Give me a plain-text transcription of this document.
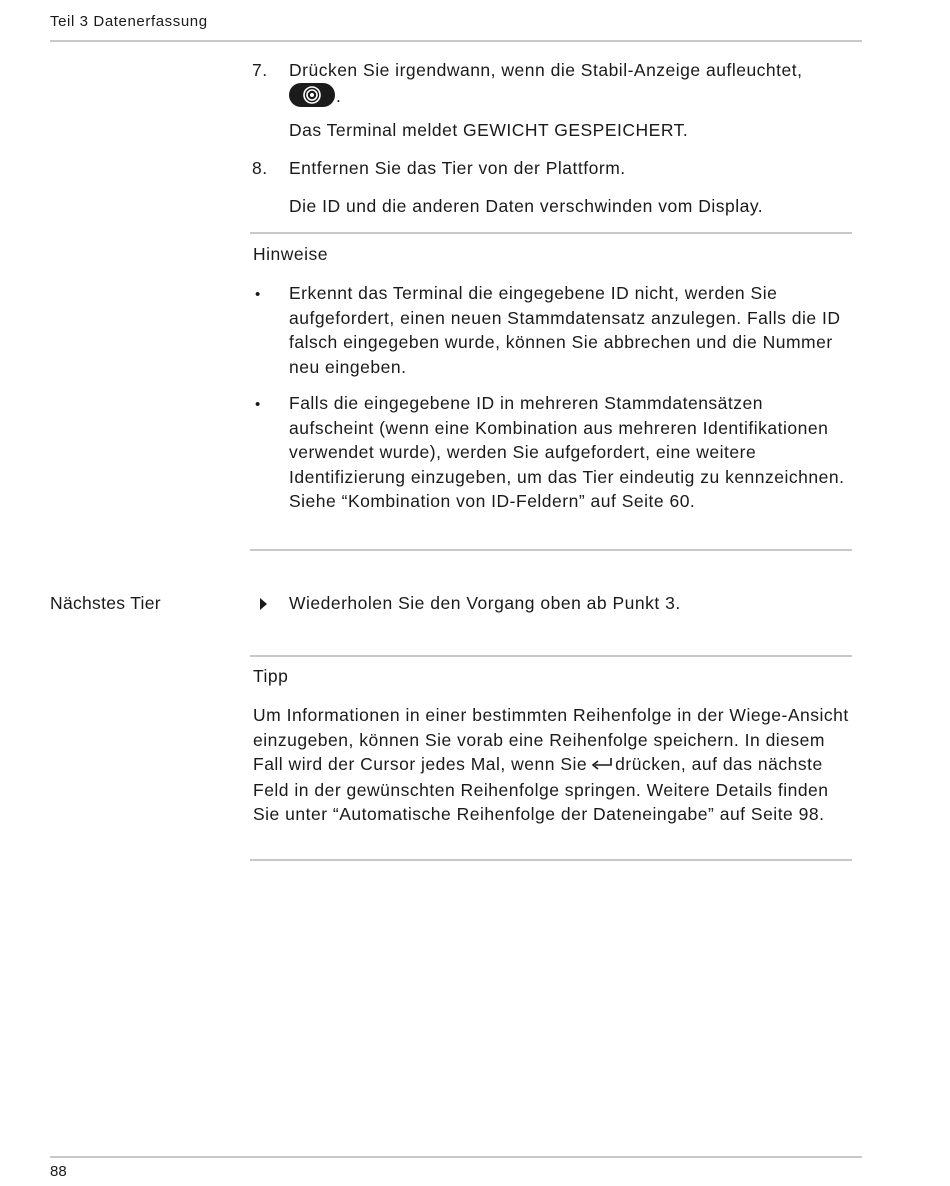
Teil 3 Datenerfassung
7. Drücken Sie irgendwann, wenn die Stabil-Anzeige aufleuchtet,
.
Das Terminal meldet GEWICHT GESPEICHERT.
8. Entfernen Sie das Tier von der Plattform.
Die ID und die anderen Daten verschwinden vom Display.
Hinweise
• Erkennt das Terminal die eingegebene ID nicht, werden Sie aufgefordert, einen neuen Stammdatensatz anzulegen. Falls die ID falsch eingegeben wurde, können Sie abbrechen und die Nummer neu eingeben.
• Falls die eingegebene ID in mehreren Stammdatensätzen aufscheint (wenn eine Kombination aus mehreren Identifikationen verwendet wurde), werden Sie aufgefordert, eine weitere Identifizierung einzugeben, um das Tier eindeutig zu kennzeichnen. Siehe “Kombination von ID-Feldern” auf Seite 60.
Nächstes Tier	Wiederholen Sie den Vorgang oben ab Punkt 3.
Tipp
Um Informationen in einer bestimmten Reihenfolge in der Wiege-Ansicht einzugeben, können Sie vorab eine Reihenfolge speichern. In diesem Fall wird der Cursor jedes Mal, wenn Sie drücken, auf das nächste Feld in der gewünschten Reihenfolge springen. Weitere Details finden Sie unter “Automatische Reihenfolge der Dateneingabe” auf Seite 98.
88
